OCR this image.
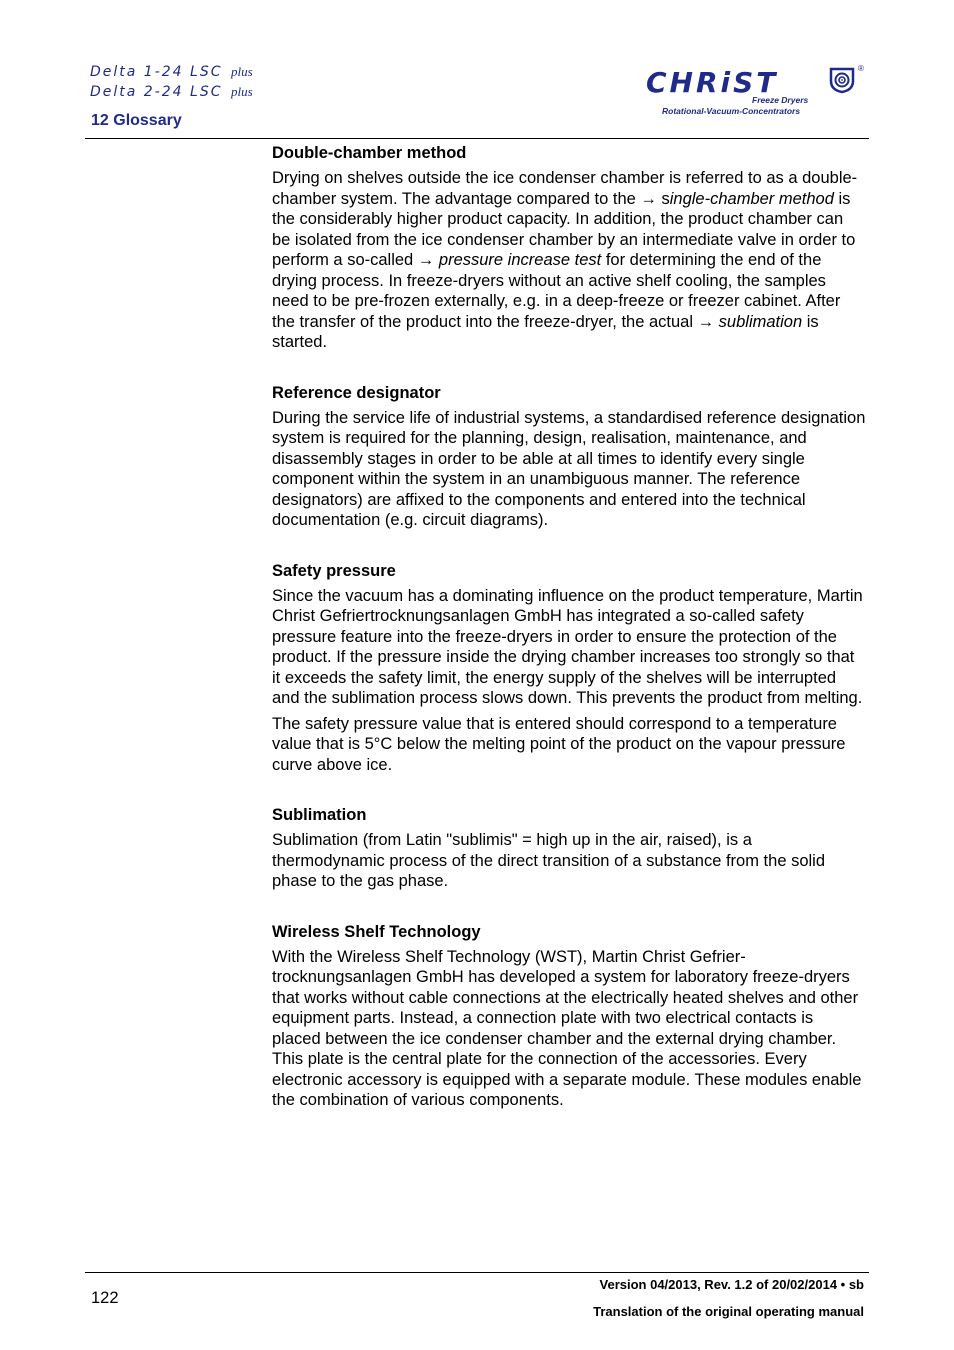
Delta 1-24 LSC plus
Delta 2-24 LSC plus
12 Glossary
CHRiST	®
Freeze Dryers
Rotational-Vacuum-Concentrators
Double-chamber method

Drying on shelves outside the ice condenser chamber is referred to as a double-chamber system. The advantage compared to the → single-chamber method is the considerably higher product capacity. In addition, the product chamber can be isolated from the ice condenser chamber by an intermediate valve in order to perform a so-called → pressure increase test for determining the end of the drying process. In freeze-dryers without an active shelf cooling, the samples need to be pre-frozen externally, e.g. in a deep-freeze or freezer cabinet. After the transfer of the product into the freeze-dryer, the actual → sublimation is started.

Reference designator

During the service life of industrial systems, a standardised reference designation system is required for the planning, design, realisation, maintenance, and disassembly stages in order to be able at all times to identify every single component within the system in an unambiguous manner. The reference designators) are affixed to the components and entered into the technical documentation (e.g. circuit diagrams).

Safety pressure

Since the vacuum has a dominating influence on the product temperature, Martin Christ Gefriertrocknungsanlagen GmbH has integrated a so-called safety pressure feature into the freeze-dryers in order to ensure the protection of the product. If the pressure inside the drying chamber increases too strongly so that it exceeds the safety limit, the energy supply of the shelves will be interrupted and the sublimation process slows down. This prevents the product from melting.

The safety pressure value that is entered should correspond to a temperature value that is 5°C below the melting point of the product on the vapour pressure curve above ice.

Sublimation

Sublimation (from Latin "sublimis" = high up in the air, raised), is a thermodynamic process of the direct transition of a substance from the solid phase to the gas phase.

Wireless Shelf Technology

With the Wireless Shelf Technology (WST), Martin Christ Gefrier-trocknungsanlagen GmbH has developed a system for laboratory freeze-dryers that works without cable connections at the electrically heated shelves and other equipment parts. Instead, a connection plate with two electrical contacts is placed between the ice condenser chamber and the external drying chamber. This plate is the central plate for the connection of the accessories. Every electronic accessory is equipped with a separate module. These modules enable the combination of various components.

122
Version 04/2013, Rev. 1.2 of 20/02/2014 • sb
Translation of the original operating manual
